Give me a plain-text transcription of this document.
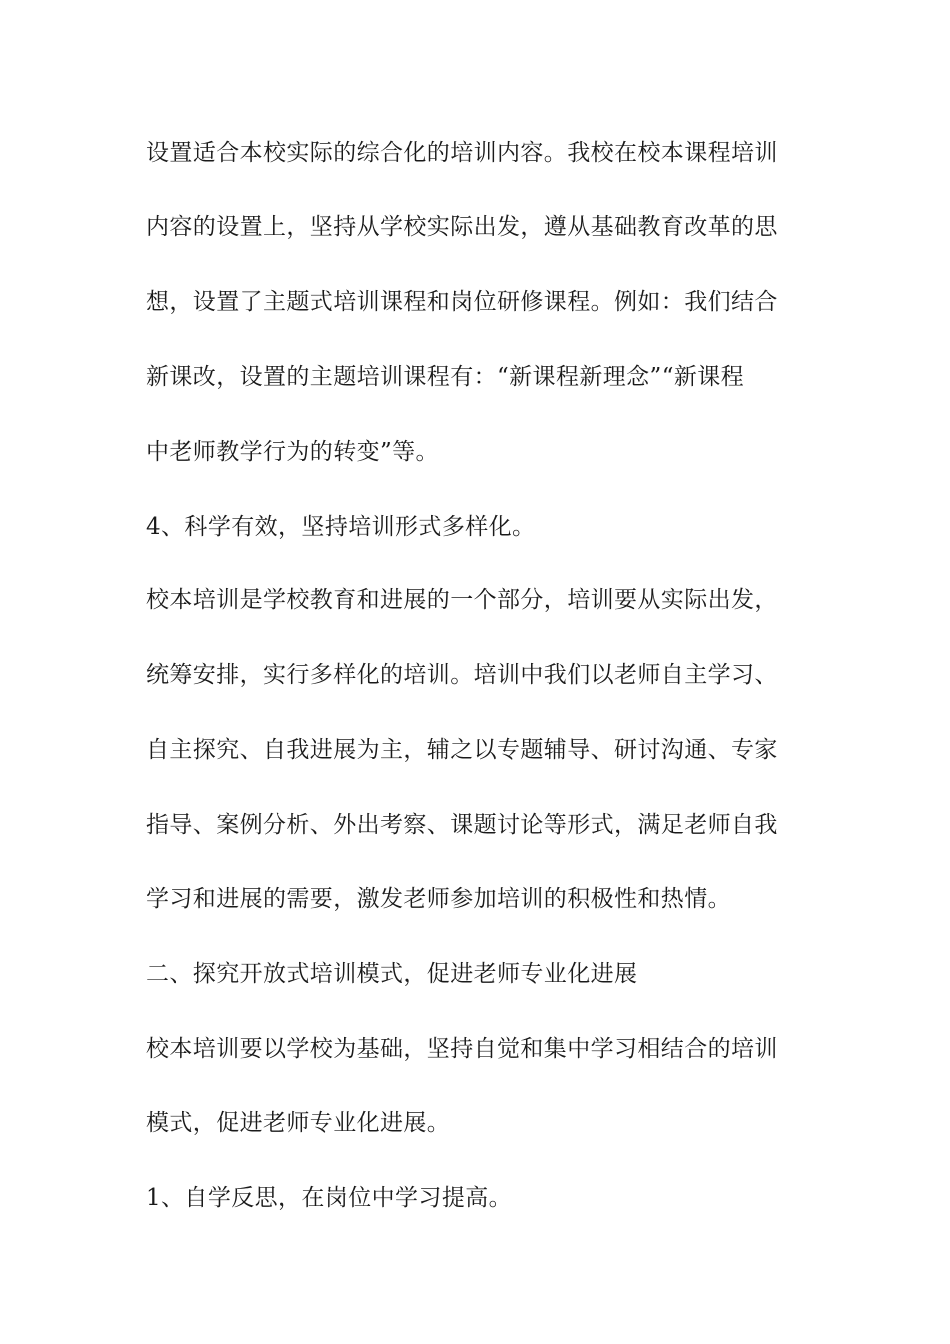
设置适合本校实际的综合化的培训内容。我校在校本课程培训
内容的设置上，坚持从学校实际出发，遵从基础教育改革的思
想，设置了主题式培训课程和岗位研修课程。例如：我们结合
新课改，设置的主题培训课程有：“新课程新理念”“新课程
中老师教学行为的转变”等。
4、科学有效，坚持培训形式多样化。
校本培训是学校教育和进展的一个部分，培训要从实际出发，
统筹安排，实行多样化的培训。培训中我们以老师自主学习、
自主探究、自我进展为主，辅之以专题辅导、研讨沟通、专家
指导、案例分析、外出考察、课题讨论等形式，满足老师自我
学习和进展的需要，激发老师参加培训的积极性和热情。
二、探究开放式培训模式，促进老师专业化进展
校本培训要以学校为基础，坚持自觉和集中学习相结合的培训
模式，促进老师专业化进展。
1、自学反思，在岗位中学习提高。
